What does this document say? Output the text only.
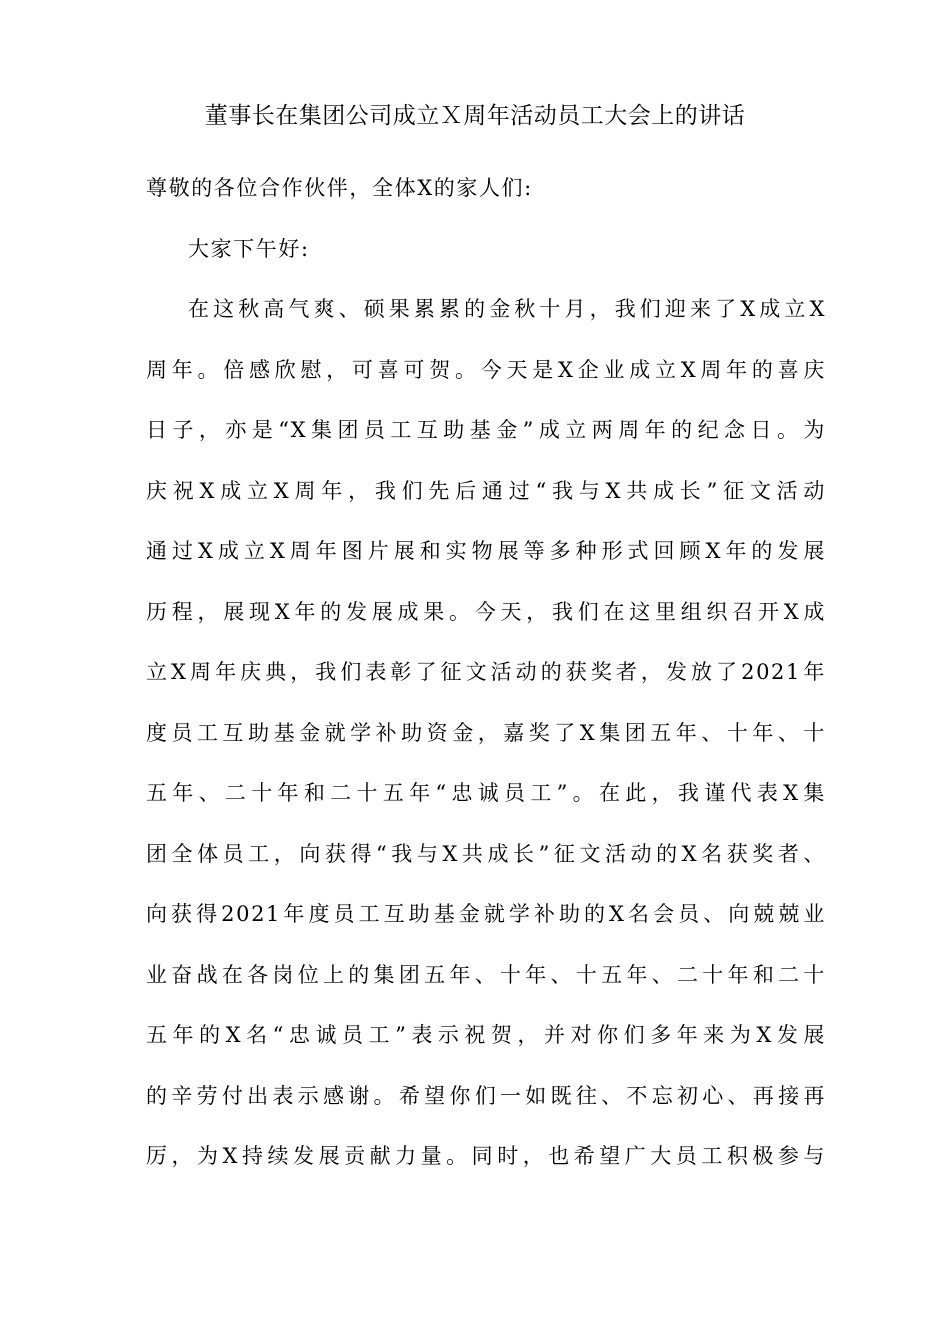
董事长在集团公司成立Ｘ周年活动员工大会上的讲话
尊敬的各位合作伙伴，全体X的家人们:
大家下午好:
在这秋高气爽、硕果累累的金秋十月，我们迎来了X成立X
周年。倍感欣慰，可喜可贺。今天是X企业成立X周年的喜庆
日子，亦是“X集团员工互助基金”成立两周年的纪念日。为
庆祝X成立X周年，我们先后通过“我与X共成长”征文活动
通过X成立X周年图片展和实物展等多种形式回顾X年的发展
历程，展现X年的发展成果。今天，我们在这里组织召开X成
立X周年庆典，我们表彰了征文活动的获奖者，发放了2021年
度员工互助基金就学补助资金，嘉奖了X集团五年、十年、十
五年、二十年和二十五年“忠诚员工”。在此，我谨代表X集
团全体员工，向获得“我与X共成长”征文活动的X名获奖者、
向获得2021年度员工互助基金就学补助的X名会员、向兢兢业
业奋战在各岗位上的集团五年、十年、十五年、二十年和二十
五年的X名“忠诚员工”表示祝贺，并对你们多年来为X发展
的辛劳付出表示感谢。希望你们一如既往、不忘初心、再接再
厉，为X持续发展贡献力量。同时，也希望广大员工积极参与
